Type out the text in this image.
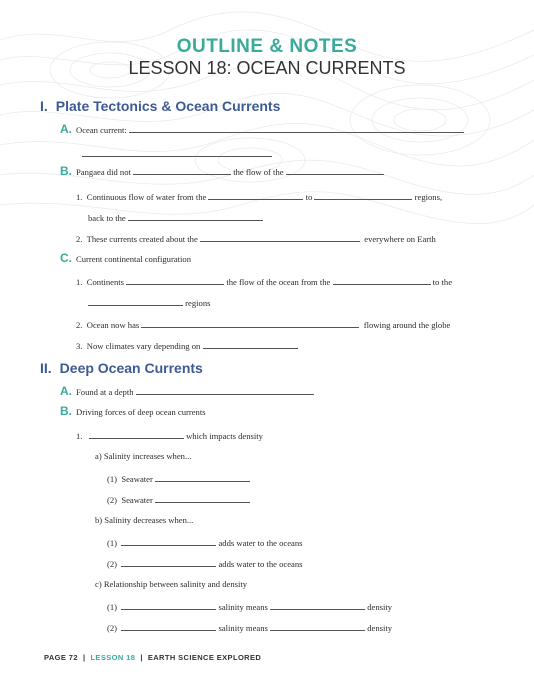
OUTLINE & NOTES
LESSON 18: OCEAN CURRENTS
I. Plate Tectonics & Ocean Currents
A. Ocean current:
B. Pangaea did not	the flow of the
1. Continuous flow of water from the	to	regions,
back to the
2. These currents created about the	everywhere on Earth
C. Current continental configuration
1. Continents	the flow of the ocean from the	to the
regions
2. Ocean now has	flowing around the globe
3. Now climates vary depending on
II. Deep Ocean Currents
A. Found at a depth
B. Driving forces of deep ocean currents
1.	which impacts density
a) Salinity increases when...
(1) Seawater
(2) Seawater
b) Salinity decreases when...
(1)	adds water to the oceans
(2)	adds water to the oceans
c) Relationship between salinity and density
(1)	salinity means	density
(2)	salinity means	density
PAGE 72 | LESSON 18 | EARTH SCIENCE EXPLORED
